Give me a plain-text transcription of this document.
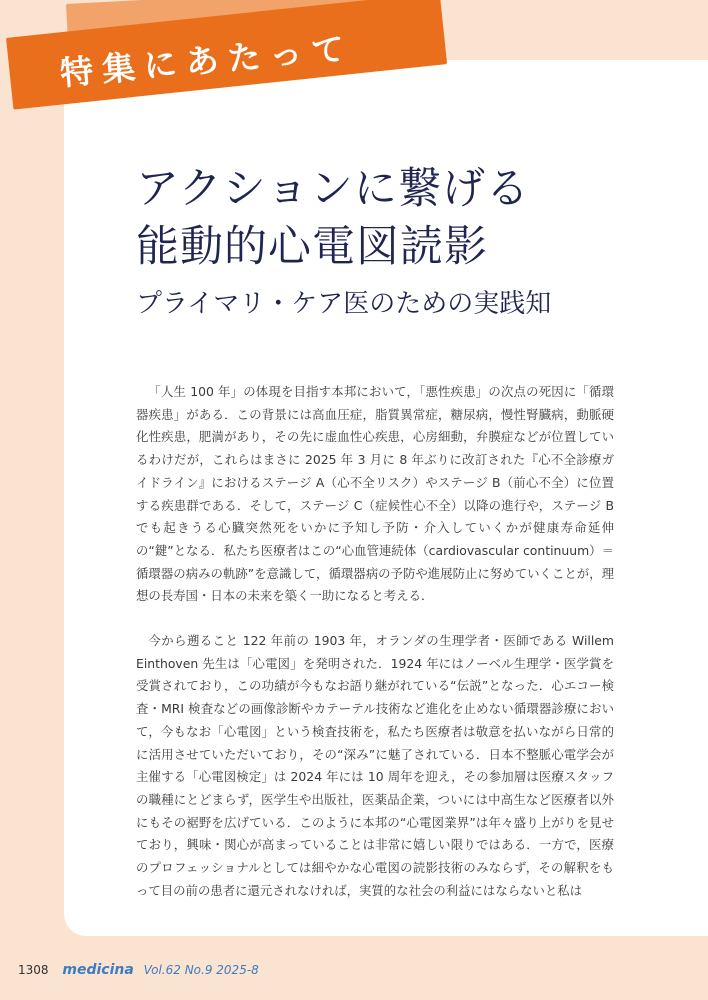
特集にあたって
アクションに繋げる
能動的心電図読影
プライマリ・ケア医のための実践知

「人生 100 年」の体現を目指す本邦において，「悪性疾患」の次点の死因に「循環器疾患」がある．この背景には高血圧症，脂質異常症，糖尿病，慢性腎臓病，動脈硬化性疾患，肥満があり，その先に虚血性心疾患，心房細動，弁膜症などが位置しているわけだが，これらはまさに 2025 年 3 月に 8 年ぶりに改訂された『心不全診療ガイドライン』におけるステージ A（心不全リスク）やステージ B（前心不全）に位置する疾患群である．そして，ステージ C（症候性心不全）以降の進行や，ステージ B でも起きうる心臓突然死をいかに予知し予防・介入していくかが健康寿命延伸の“鍵”となる．私たち医療者はこの“心血管連続体（cardiovascular continuum）＝循環器の病みの軌跡”を意識して，循環器病の予防や進展防止に努めていくことが，理想の長寿国・日本の未来を築く一助になると考える．

今から遡ること 122 年前の 1903 年，オランダの生理学者・医師である Willem Einthoven 先生は「心電図」を発明された．1924 年にはノーベル生理学・医学賞を受賞されており，この功績が今もなお語り継がれている“伝説”となった．心エコー検査・MRI 検査などの画像診断やカテーテル技術など進化を止めない循環器診療において，今もなお「心電図」という検査技術を，私たち医療者は敬意を払いながら日常的に活用させていただいており，その“深み”に魅了されている．日本不整脈心電学会が主催する「心電図検定」は 2024 年には 10 周年を迎え，その参加層は医療スタッフの職種にとどまらず，医学生や出版社，医薬品企業，ついには中高生など医療者以外にもその裾野を広げている．このように本邦の“心電図業界”は年々盛り上がりを見せており，興味・関心が高まっていることは非常に嬉しい限りではある．一方で，医療のプロフェッショナルとしては細やかな心電図の読影技術のみならず，その解釈をもって目の前の患者に還元されなければ，実質的な社会の利益にはならないと私は

1308 medicina Vol.62 No.9 2025-8
